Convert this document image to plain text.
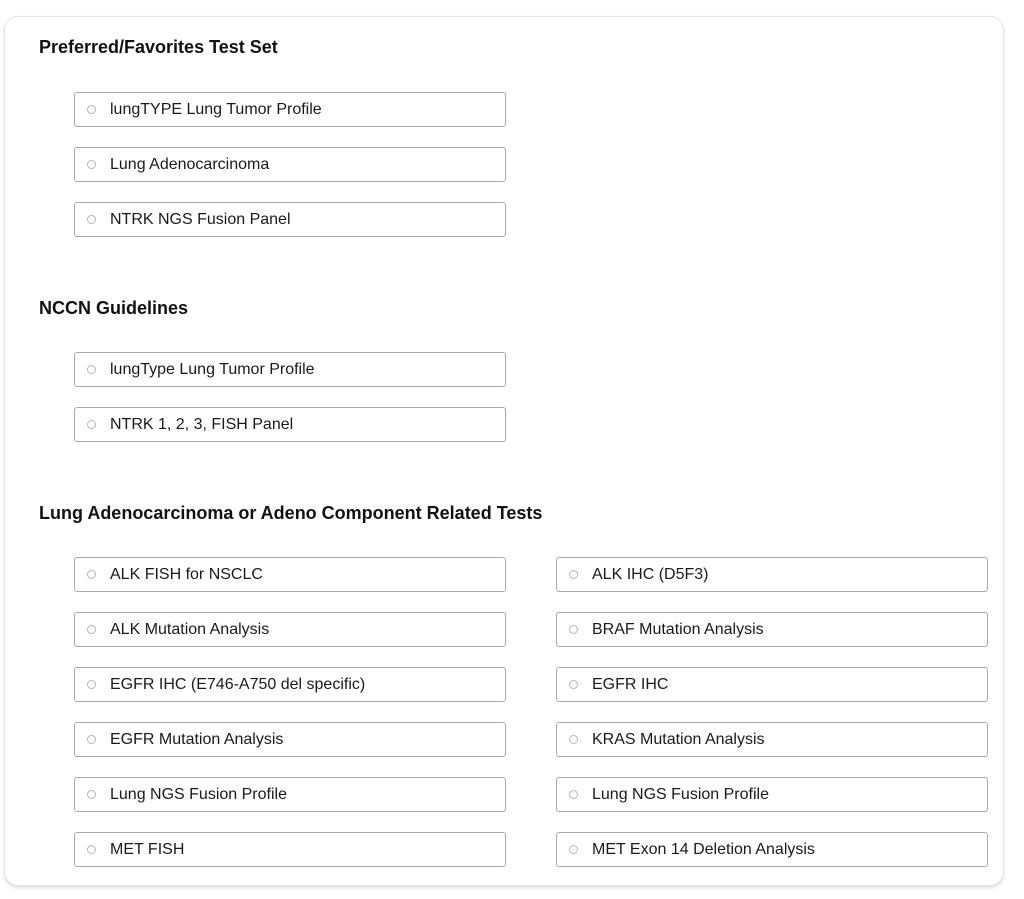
Preferred/Favorites Test Set
lungTYPE Lung Tumor Profile
Lung Adenocarcinoma
NTRK NGS Fusion Panel
NCCN Guidelines
lungType Lung Tumor Profile
NTRK 1, 2, 3, FISH Panel
Lung Adenocarcinoma or Adeno Component Related Tests
ALK FISH for NSCLC	ALK IHC (D5F3)
ALK Mutation Analysis	BRAF Mutation Analysis
EGFR IHC (E746-A750 del specific)	EGFR IHC
EGFR Mutation Analysis	KRAS Mutation Analysis
Lung NGS Fusion Profile	Lung NGS Fusion Profile
MET FISH	MET Exon 14 Deletion Analysis
